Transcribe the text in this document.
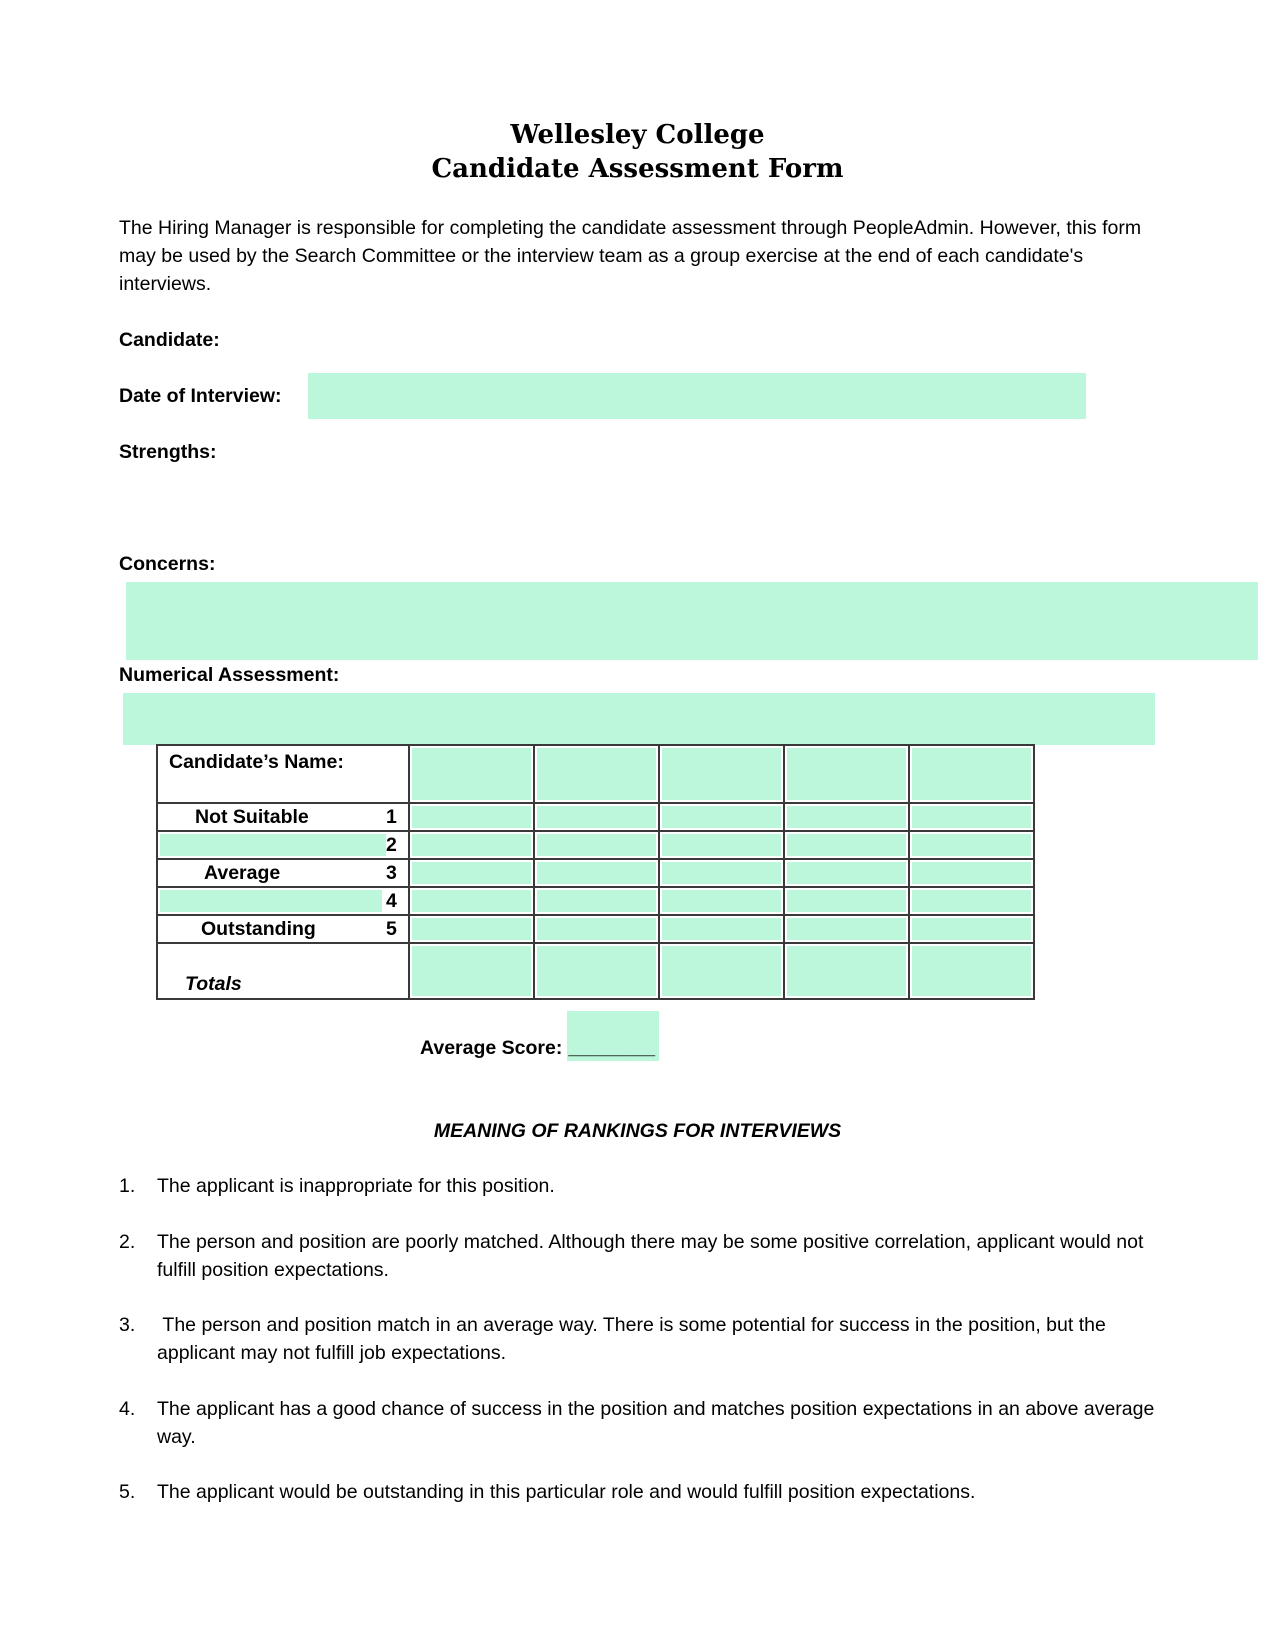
Wellesley College
Candidate Assessment Form
The Hiring Manager is responsible for completing the candidate assessment through PeopleAdmin. However, this form may be used by the Search Committee or the interview team as a group exercise at the end of each candidate's interviews.
Candidate:
Date of Interview:
Strengths:
Concerns:
Numerical Assessment:
Candidate’s Name:					

Not Suitable 1					

2					

Average 3					

4					

Outstanding 5					

Totals					

Average Score: ________
MEANING OF RANKINGS FOR INTERVIEWS
1.	The applicant is inappropriate for this position.
2.	The person and position are poorly matched. Although there may be some positive correlation, applicant would not fulfill position expectations.
3.	The person and position match in an average way. There is some potential for success in the position, but the applicant may not fulfill job expectations.
4.	The applicant has a good chance of success in the position and matches position expectations in an above average way.
5.	The applicant would be outstanding in this particular role and would fulfill position expectations.
